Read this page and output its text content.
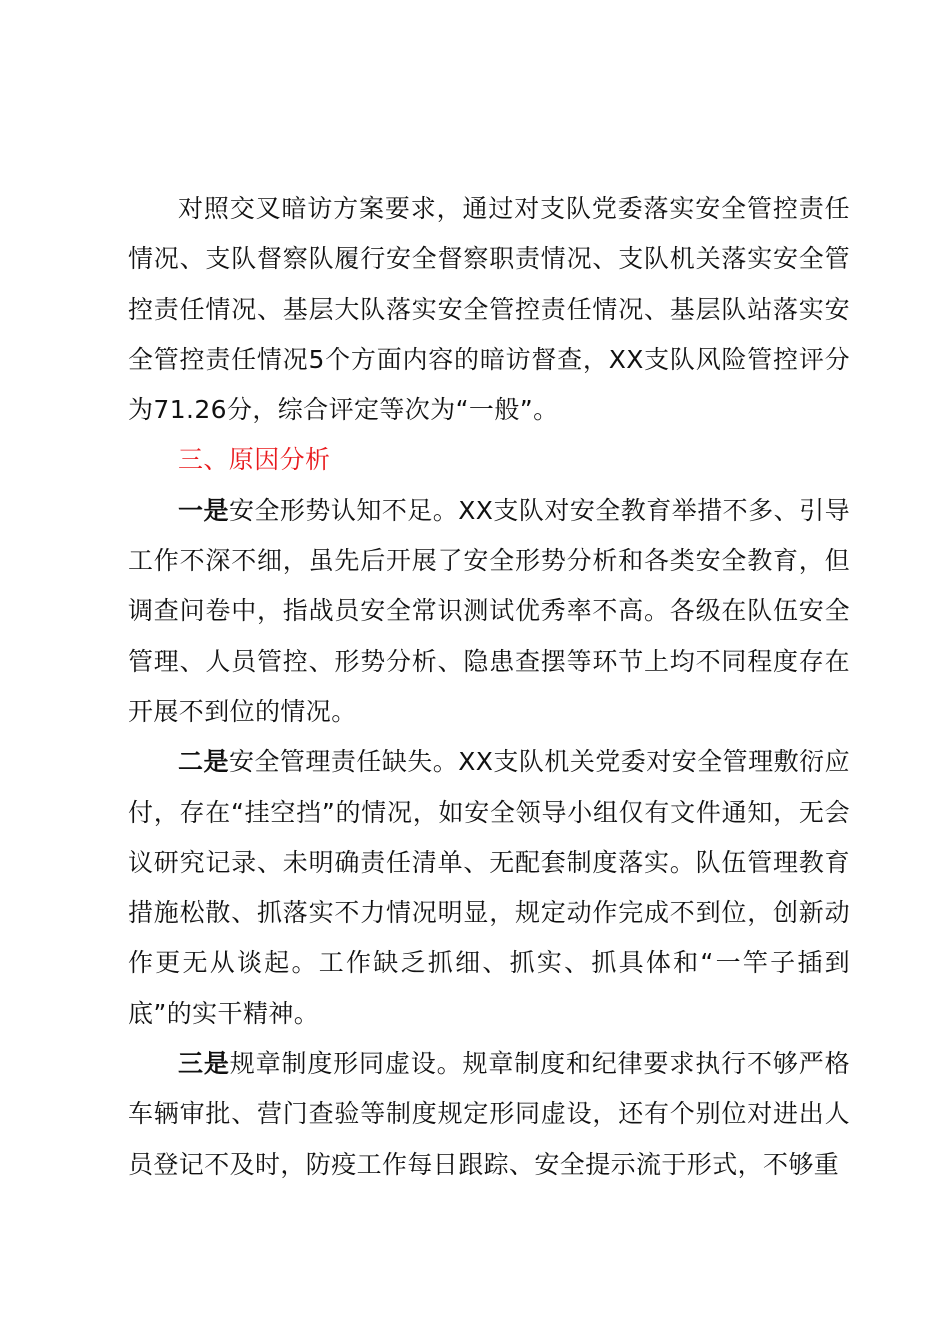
对照交叉暗访方案要求，通过对支队党委落实安全管控责任情况、支队督察队履行安全督察职责情况、支队机关落实安全管控责任情况、基层大队落实安全管控责任情况、基层队站落实安全管控责任情况5个方面内容的暗访督查，XX支队风险管控评分为71.26分，综合评定等次为“一般”。

三、原因分析

一是安全形势认知不足。XX支队对安全教育举措不多、引导工作不深不细，虽先后开展了安全形势分析和各类安全教育，但调查问卷中，指战员安全常识测试优秀率不高。各级在队伍安全管理、人员管控、形势分析、隐患查摆等环节上均不同程度存在开展不到位的情况。

二是安全管理责任缺失。XX支队机关党委对安全管理敷衍应付，存在“挂空挡”的情况，如安全领导小组仅有文件通知，无会议研究记录、未明确责任清单、无配套制度落实。队伍管理教育措施松散、抓落实不力情况明显，规定动作完成不到位，创新动作更无从谈起。工作缺乏抓细、抓实、抓具体和“一竿子插到底”的实干精神。

三是规章制度形同虚设。规章制度和纪律要求执行不够严格车辆审批、营门查验等制度规定形同虚设，还有个别位对进出人员登记不及时，防疫工作每日跟踪、安全提示流于形式，不够重
